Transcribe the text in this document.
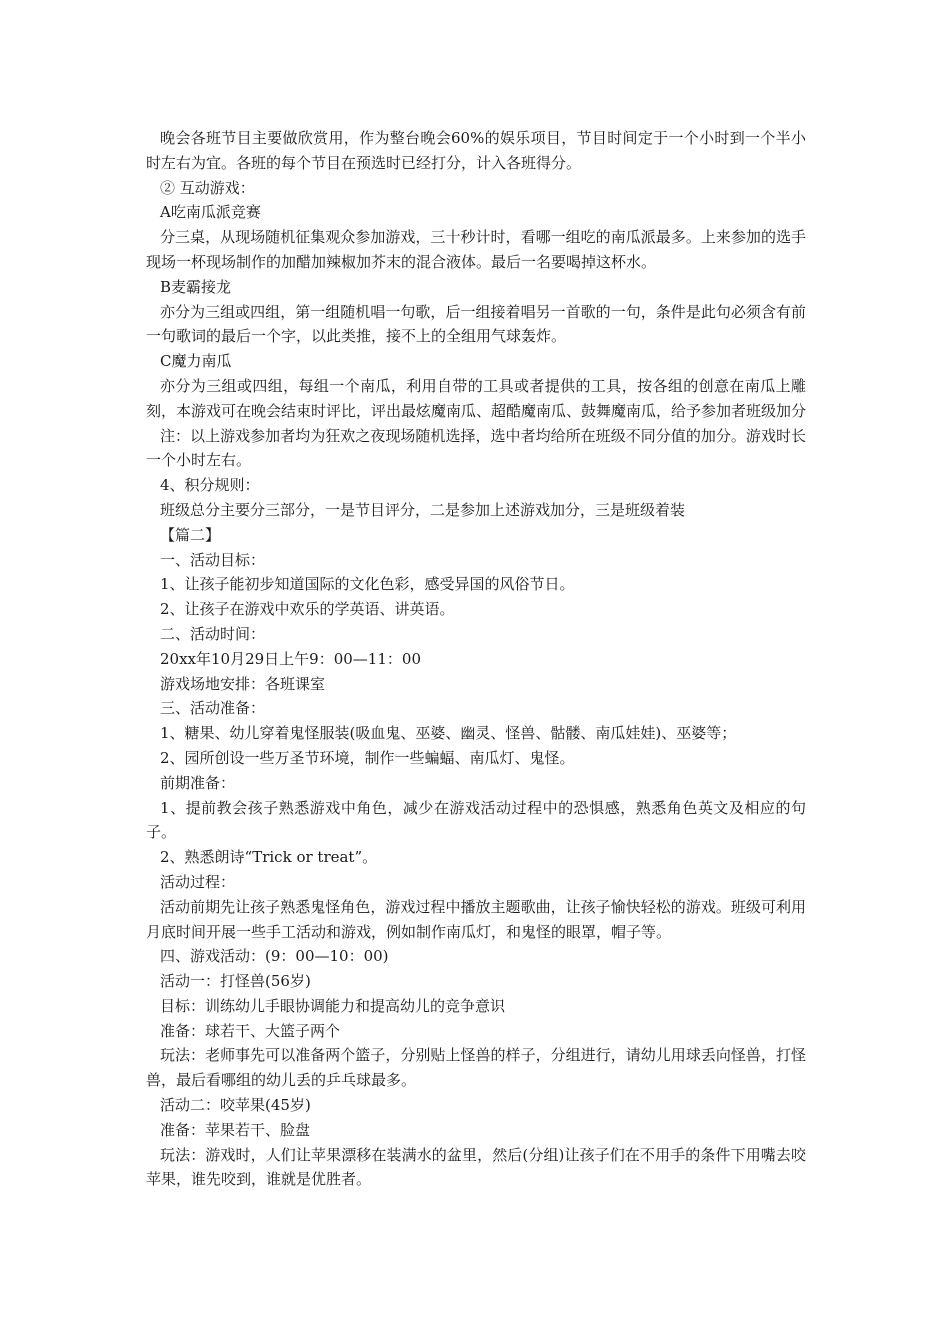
晚会各班节目主要做欣赏用，作为整台晚会60%的娱乐项目，节目时间定于一个小时到一个半小时左右为宜。各班的每个节目在预选时已经打分，计入各班得分。

② 互动游戏：

A吃南瓜派竞赛

分三桌，从现场随机征集观众参加游戏，三十秒计时，看哪一组吃的南瓜派最多。上来参加的选手现场一杯现场制作的加醋加辣椒加芥末的混合液体。最后一名要喝掉这杯水。

B麦霸接龙

亦分为三组或四组，第一组随机唱一句歌，后一组接着唱另一首歌的一句，条件是此句必须含有前一句歌词的最后一个字，以此类推，接不上的全组用气球轰炸。

C魔力南瓜

亦分为三组或四组，每组一个南瓜，利用自带的工具或者提供的工具，按各组的创意在南瓜上雕刻，本游戏可在晚会结束时评比，评出最炫魔南瓜、超酷魔南瓜、鼓舞魔南瓜，给予参加者班级加分

注：以上游戏参加者均为狂欢之夜现场随机选择，选中者均给所在班级不同分值的加分。游戏时长一个小时左右。

4、积分规则：

班级总分主要分三部分，一是节目评分，二是参加上述游戏加分，三是班级着装

【篇二】

一、活动目标：

1、让孩子能初步知道国际的文化色彩，感受异国的风俗节日。

2、让孩子在游戏中欢乐的学英语、讲英语。

二、活动时间：

20xx年10月29日上午9：00—11：00

游戏场地安排：各班课室

三、活动准备：

1、糖果、幼儿穿着鬼怪服装(吸血鬼、巫婆、幽灵、怪兽、骷髅、南瓜娃娃)、巫婆等；

2、园所创设一些万圣节环境，制作一些蝙蝠、南瓜灯、鬼怪。

前期准备：

1、提前教会孩子熟悉游戏中角色，减少在游戏活动过程中的恐惧感，熟悉角色英文及相应的句子。

2、熟悉朗诗“Trick or treat”。

活动过程：

活动前期先让孩子熟悉鬼怪角色，游戏过程中播放主题歌曲，让孩子愉快轻松的游戏。班级可利用月底时间开展一些手工活动和游戏，例如制作南瓜灯，和鬼怪的眼罩，帽子等。

四、游戏活动：(9：00—10：00)

活动一：打怪兽(56岁)

目标：训练幼儿手眼协调能力和提高幼儿的竞争意识

准备：球若干、大篮子两个

玩法：老师事先可以准备两个篮子，分别贴上怪兽的样子，分组进行，请幼儿用球丢向怪兽，打怪兽，最后看哪组的幼儿丢的乒乓球最多。

活动二：咬苹果(45岁)

准备：苹果若干、脸盘

玩法：游戏时，人们让苹果漂移在装满水的盆里，然后(分组)让孩子们在不用手的条件下用嘴去咬苹果，谁先咬到，谁就是优胜者。
